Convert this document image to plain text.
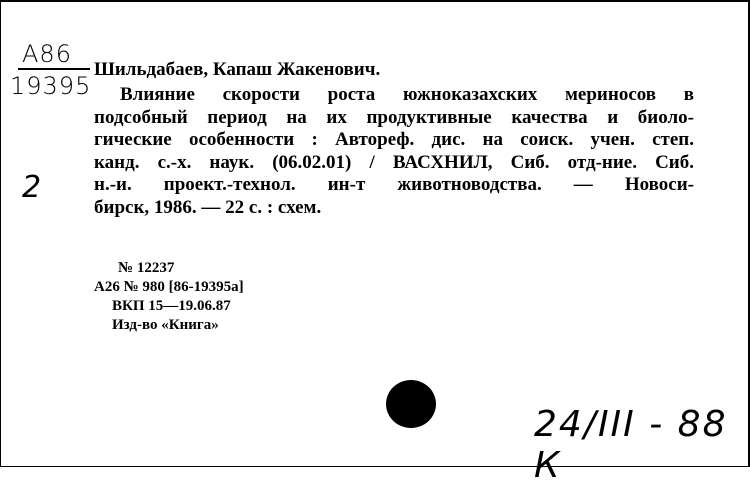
A86
19395
2
Шильдабаев, Капаш Жакенович.
Влияние скорости роста южноказахских мериносов в
подсобный период на их продуктивные качества и биоло-
гические особенности : Автореф. дис. на соиск. учен. степ.
канд. с.-х. наук. (06.02.01) / ВАСХНИЛ, Сиб. отд-ние. Сиб.
н.-и. проект.-технол. ин-т животноводства. — Новоси-
бирск, 1986. — 22 с. : схем.
№ 12237
А26 № 980 [86-19395а]
ВКП 15—19.06.87
Изд-во «Книга»
24/ІІІ - 88 К
